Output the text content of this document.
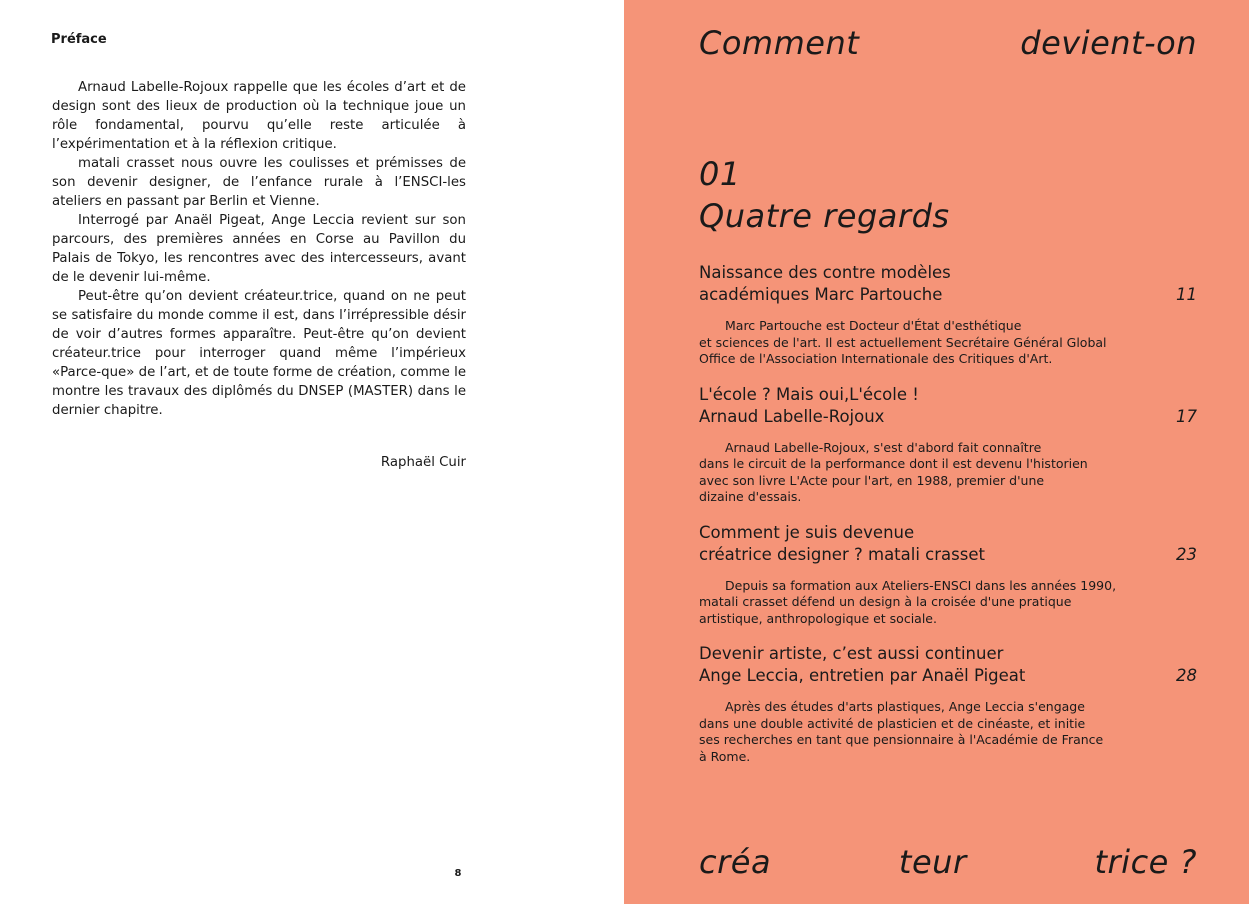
Préface

Arnaud Labelle-Rojoux rappelle que les écoles d’art et de design sont des lieux de production où la technique joue un rôle fondamental, pourvu qu’elle reste articulée à l’expérimentation et à la réflexion critique.

matali crasset nous ouvre les coulisses et prémisses de son devenir designer, de l’enfance rurale à l’ENSCI-les ateliers en passant par Berlin et Vienne.

Interrogé par Anaël Pigeat, Ange Leccia revient sur son parcours, des premières années en Corse au Pavillon du Palais de Tokyo, les rencontres avec des intercesseurs, avant de le devenir lui-même.

Peut-être qu’on devient créateur.trice, quand on ne peut se satisfaire du monde comme il est, dans l’irrépressible désir de voir d’autres formes apparaître. Peut-être qu’on devient créateur.trice pour interroger quand même l’impérieux «Parce-que» de l’art, et de toute forme de création, comme le montre les travaux des diplômés du DNSEP (MASTER) dans le dernier chapitre.

Raphaël Cuir
8
Comment	devient-on
01
Quatre regards
Naissance des contre modèles
académiques Marc Partouche	11
Marc Partouche est Docteur d'État d'esthétique
et sciences de l'art. Il est actuellement Secrétaire Général Global
Office de l'Association Internationale des Critiques d'Art.
L'école ? Mais oui,L'école !
Arnaud Labelle-Rojoux	17
Arnaud Labelle-Rojoux, s'est d'abord fait connaître
dans le circuit de la performance dont il est devenu l'historien
avec son livre L'Acte pour l'art, en 1988, premier d'une
dizaine d'essais.
Comment je suis devenue
créatrice designer ? matali crasset	23
Depuis sa formation aux Ateliers-ENSCI dans les années 1990,
matali crasset défend un design à la croisée d'une pratique
artistique, anthropologique et sociale.
Devenir artiste, c’est aussi continuer
Ange Leccia, entretien par Anaël Pigeat	28
Après des études d'arts plastiques, Ange Leccia s'engage
dans une double activité de plasticien et de cinéaste, et initie
ses recherches en tant que pensionnaire à l'Académie de France
à Rome.
créa	teur	trice ?
